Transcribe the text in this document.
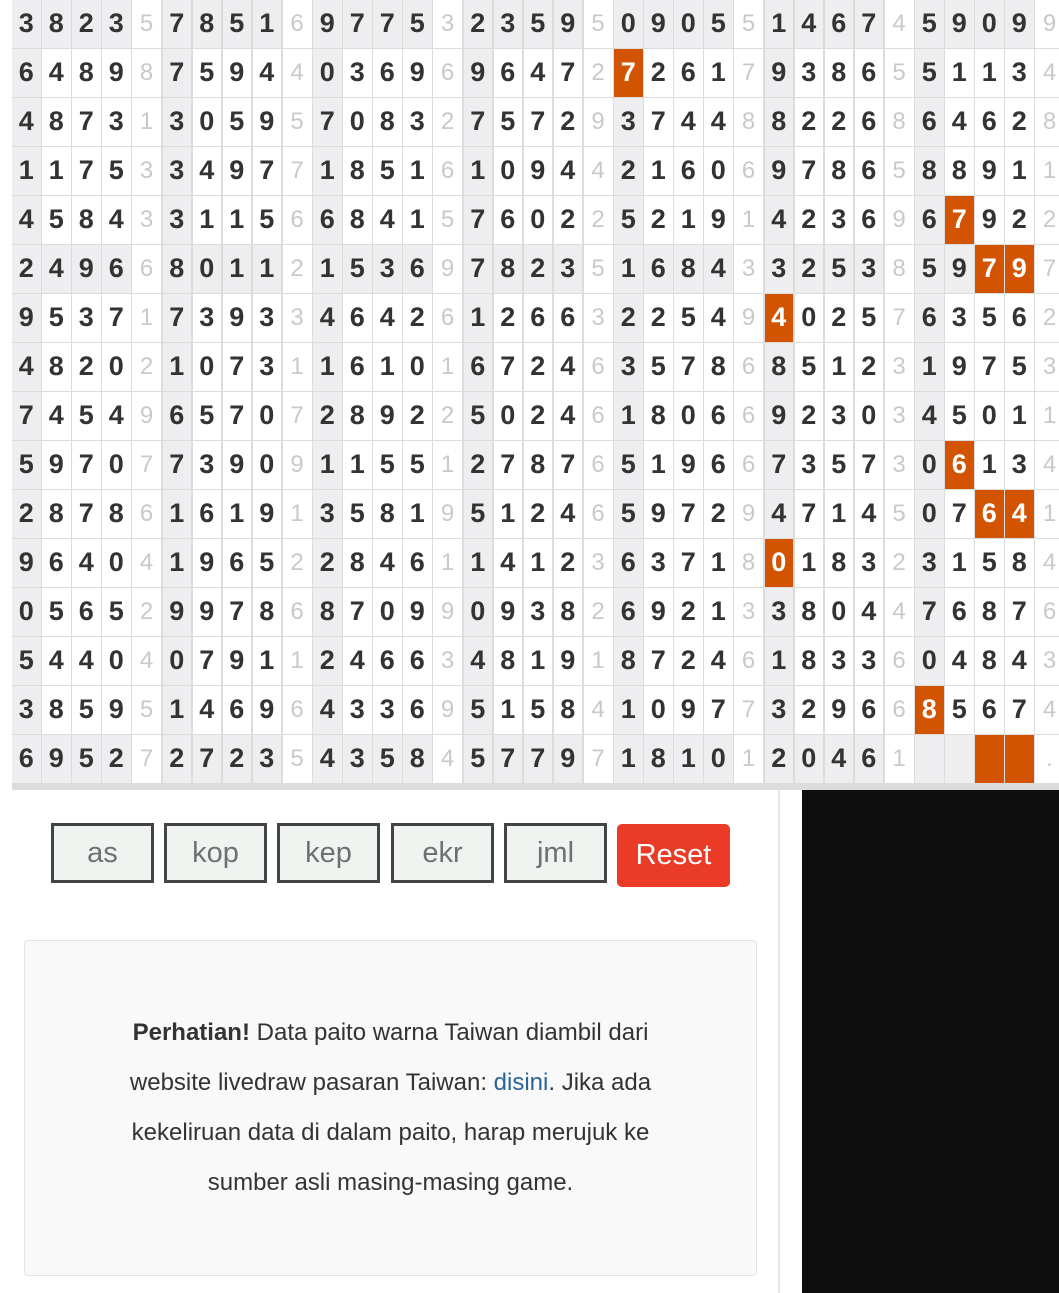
3 8 2 3 5 7 8 5 1 6 9 7 7 5 3 2 3 5 9 5 0 9 0 5 5 1 4 6 7 4 5 9 0 9 9
6 4 8 9 8 7 5 9 4 4 0 3 6 9 6 9 6 4 7 2 7 2 6 1 7 9 3 8 6 5 5 1 1 3 4
4 8 7 3 1 3 0 5 9 5 7 0 8 3 2 7 5 7 2 9 3 7 4 4 8 8 2 2 6 8 6 4 6 2 8
1 1 7 5 3 3 4 9 7 7 1 8 5 1 6 1 0 9 4 4 2 1 6 0 6 9 7 8 6 5 8 8 9 1 1
4 5 8 4 3 3 1 1 5 6 6 8 4 1 5 7 6 0 2 2 5 2 1 9 1 4 2 3 6 9 6 7 9 2 2
2 4 9 6 6 8 0 1 1 2 1 5 3 6 9 7 8 2 3 5 1 6 8 4 3 3 2 5 3 8 5 9 7 9 7
9 5 3 7 1 7 3 9 3 3 4 6 4 2 6 1 2 6 6 3 2 2 5 4 9 4 0 2 5 7 6 3 5 6 2
4 8 2 0 2 1 0 7 3 1 1 6 1 0 1 6 7 2 4 6 3 5 7 8 6 8 5 1 2 3 1 9 7 5 3
7 4 5 4 9 6 5 7 0 7 2 8 9 2 2 5 0 2 4 6 1 8 0 6 6 9 2 3 0 3 4 5 0 1 1
5 9 7 0 7 7 3 9 0 9 1 1 5 5 1 2 7 8 7 6 5 1 9 6 6 7 3 5 7 3 0 6 1 3 4
2 8 7 8 6 1 6 1 9 1 3 5 8 1 9 5 1 2 4 6 5 9 7 2 9 4 7 1 4 5 0 7 6 4 1
9 6 4 0 4 1 9 6 5 2 2 8 4 6 1 1 4 1 2 3 6 3 7 1 8 0 1 8 3 2 3 1 5 8 4
0 5 6 5 2 9 9 7 8 6 8 7 0 9 9 0 9 3 8 2 6 9 2 1 3 3 8 0 4 4 7 6 8 7 6
5 4 4 0 4 0 7 9 1 1 2 4 6 6 3 4 8 1 9 1 8 7 2 4 6 1 8 3 3 6 0 4 8 4 3
3 8 5 9 5 1 4 6 9 6 4 3 3 6 9 5 1 5 8 4 1 0 9 7 7 3 2 9 6 6 8 5 6 7 4
6 9 5 2 7 2 7 2 3 5 4 3 5 8 4 5 7 7 9 7 1 8 1 0 1 2 0 4 6 1	.
as
kop
kep
ekr
jml
Reset

Perhatian! Data paito warna Taiwan diambil dari website livedraw pasaran Taiwan: disini. Jika ada kekeliruan data di dalam paito, harap merujuk ke sumber asli masing-masing game.
